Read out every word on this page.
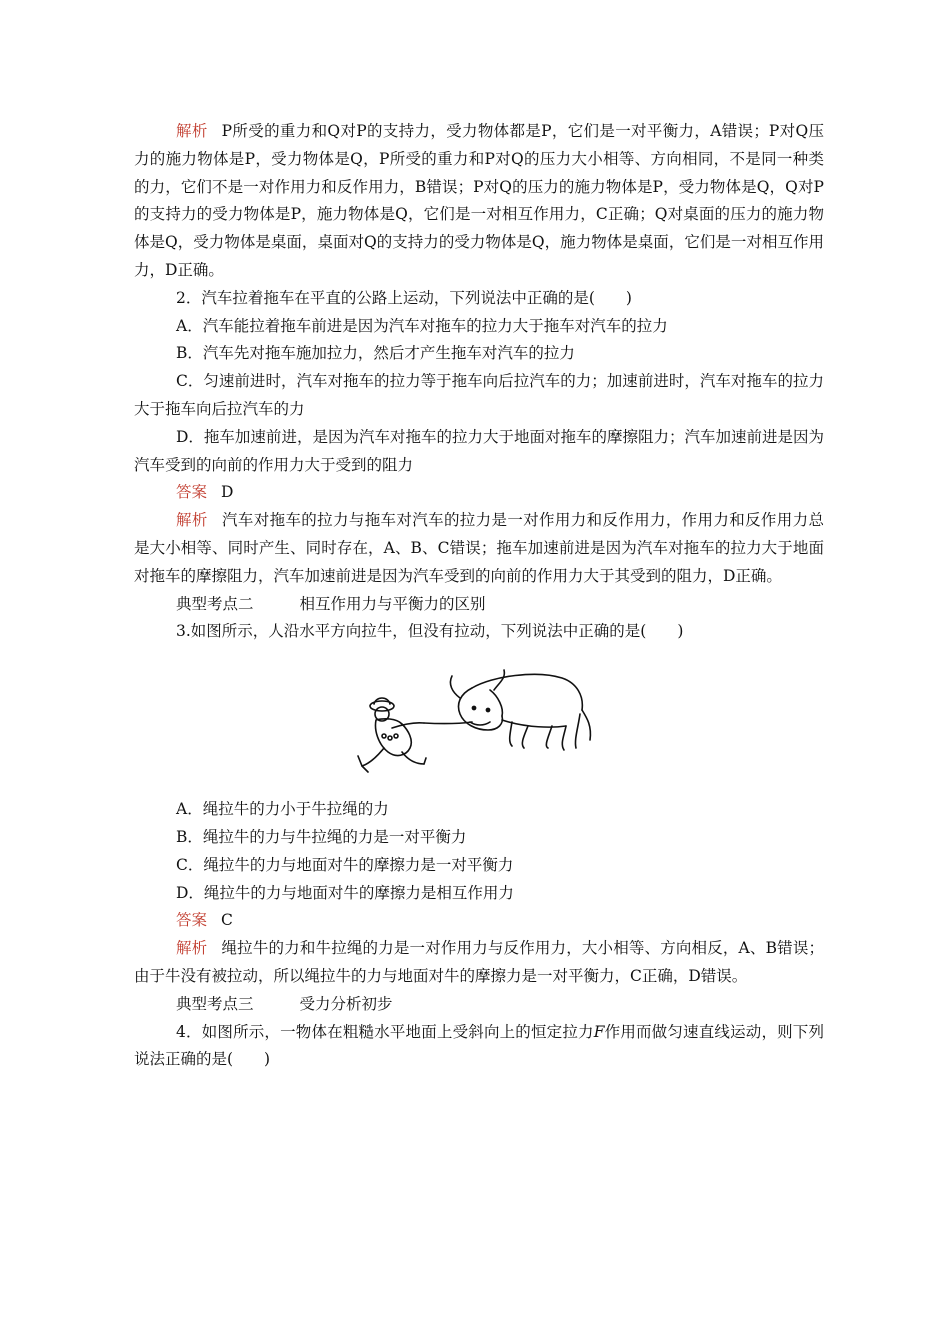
解析 P所受的重力和Q对P的支持力，受力物体都是P，它们是一对平衡力，A错误；P对Q压力的施力物体是P，受力物体是Q，P所受的重力和P对Q的压力大小相等、方向相同，不是同一种类的力，它们不是一对作用力和反作用力，B错误；P对Q的压力的施力物体是P，受力物体是Q，Q对P的支持力的受力物体是P，施力物体是Q，它们是一对相互作用力，C正确；Q对桌面的压力的施力物体是Q，受力物体是桌面，桌面对Q的支持力的受力物体是Q，施力物体是桌面，它们是一对相互作用力，D正确。

2．汽车拉着拖车在平直的公路上运动，下列说法中正确的是(　　)

A．汽车能拉着拖车前进是因为汽车对拖车的拉力大于拖车对汽车的拉力

B．汽车先对拖车施加拉力，然后才产生拖车对汽车的拉力

C．匀速前进时，汽车对拖车的拉力等于拖车向后拉汽车的力；加速前进时，汽车对拖车的拉力大于拖车向后拉汽车的力

D．拖车加速前进，是因为汽车对拖车的拉力大于地面对拖车的摩擦阻力；汽车加速前进是因为汽车受到的向前的作用力大于受到的阻力

答案 D

解析 汽车对拖车的拉力与拖车对汽车的拉力是一对作用力和反作用力，作用力和反作用力总是大小相等、同时产生、同时存在，A、B、C错误；拖车加速前进是因为汽车对拖车的拉力大于地面对拖车的摩擦阻力，汽车加速前进是因为汽车受到的向前的作用力大于其受到的阻力，D正确。

典型考点二	相互作用力与平衡力的区别

3.如图所示，人沿水平方向拉牛，但没有拉动，下列说法中正确的是(　　)

A．绳拉牛的力小于牛拉绳的力

B．绳拉牛的力与牛拉绳的力是一对平衡力

C．绳拉牛的力与地面对牛的摩擦力是一对平衡力

D．绳拉牛的力与地面对牛的摩擦力是相互作用力

答案 C

解析 绳拉牛的力和牛拉绳的力是一对作用力与反作用力，大小相等、方向相反，A、B错误；由于牛没有被拉动，所以绳拉牛的力与地面对牛的摩擦力是一对平衡力，C正确，D错误。

典型考点三	受力分析初步

4．如图所示，一物体在粗糙水平地面上受斜向上的恒定拉力F作用而做匀速直线运动，则下列说法正确的是(　　)
